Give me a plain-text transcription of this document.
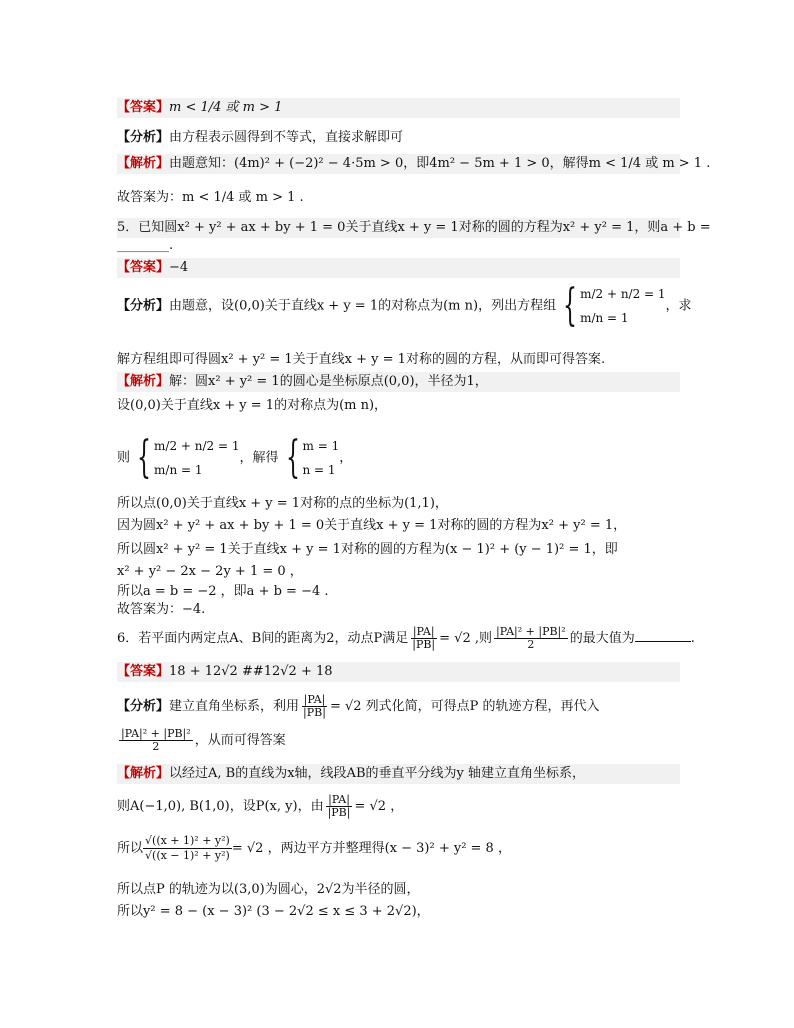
【答案】m < 1/4 或 m > 1
【分析】由方程表示圆得到不等式，直接求解即可
【解析】由题意知：(4m)² + (−2)² − 4·5m > 0，即4m² − 5m + 1 > 0，解得m < 1/4 或 m > 1 .
故答案为：m < 1/4 或 m > 1 .
5．已知圆x² + y² + ax + by + 1 = 0关于直线x + y = 1对称的圆的方程为x² + y² = 1，则a + b =
________.
【答案】−4
【分析】由题意，设(0,0)关于直线x + y = 1的对称点为(m n)，列出方程组 { m/2 + n/2 = 1
m/n = 1
，求
解方程组即可得圆x² + y² = 1关于直线x + y = 1对称的圆的方程，从而即可得答案.
【解析】解：圆x² + y² = 1的圆心是坐标原点(0,0)，半径为1，
设(0,0)关于直线x + y = 1的对称点为(m n)，
则 { m/2 + n/2 = 1
m/n = 1
，解得 { m = 1
n = 1
，
所以点(0,0)关于直线x + y = 1对称的点的坐标为(1,1)，
因为圆x² + y² + ax + by + 1 = 0关于直线x + y = 1对称的圆的方程为x² + y² = 1，
所以圆x² + y² = 1关于直线x + y = 1对称的圆的方程为(x − 1)² + (y − 1)² = 1，即
x² + y² − 2x − 2y + 1 = 0 ，
所以a = b = −2 ，即a + b = −4 .
故答案为：−4.
6．若平面内两定点A、B间的距离为2，动点P满足 $\frac{|PA|}{|PB|} = √2$ ,则 $\frac{\text{|PA|² + |PB|²}}{2}$ 的最大值为	.
【答案】18 + 12√2 ##12√2 + 18
【分析】建立直角坐标系，利用 $\frac{|PA|}{|PB|} = √2$ 列式化简，可得点P 的轨迹方程，再代入
$\frac{\text{|PA|² + |PB|²}}{2}$ ，从而可得答案
【解析】以经过A, B的直线为x轴，线段AB的垂直平分线为y 轴建立直角坐标系，
则A(−1,0), B(1,0)，设P(x, y)，由 $\frac{|PA|}{|PB|} = √2$ ，
所以 $\frac{\text{√((x + 1)² + y²)}}{\text{√((x − 1)² + y²)}} = √2$ ，两边平方并整理得(x − 3)² + y² = 8 ，
所以点P 的轨迹为以(3,0)为圆心，2√2为半径的圆，
所以y² = 8 − (x − 3)² (3 − 2√2 ≤ x ≤ 3 + 2√2)，
